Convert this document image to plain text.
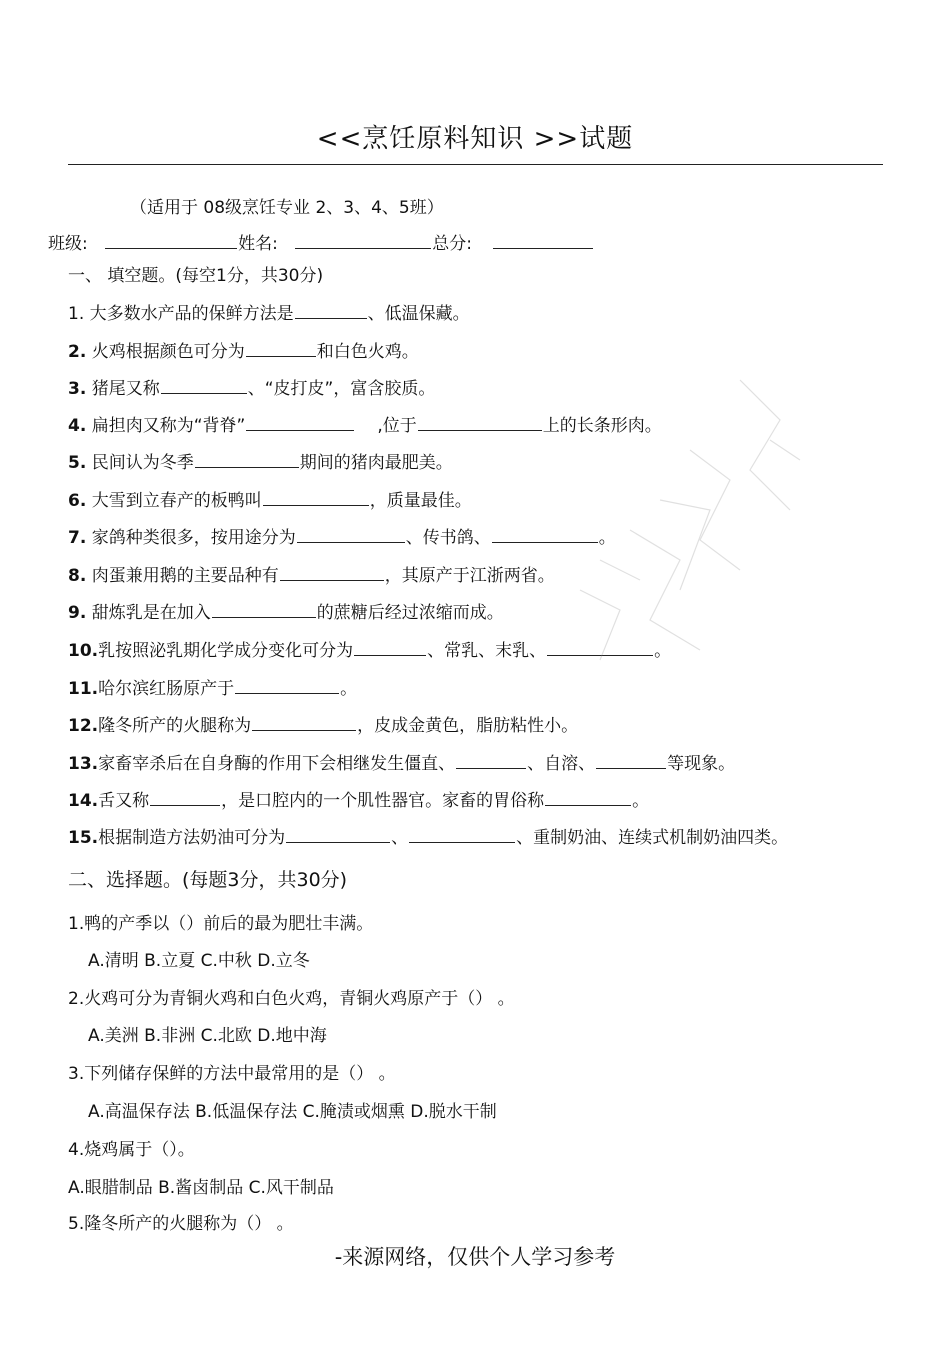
<<烹饪原料知识 >>试题
（适用于 08级烹饪专业 2、3、4、5班）
班级:	姓名:	总分:
一、 填空题。(每空1分，共30分)
1. 大多数水产品的保鲜方法是	、低温保藏。
2. 火鸡根据颜色可分为	和白色火鸡。
3. 猪尾又称	、“皮打皮”，富含胶质。
4. 扁担肉又称为“背脊”	,位于	上的长条形肉。
5. 民间认为冬季	期间的猪肉最肥美。
6. 大雪到立春产的板鸭叫	，质量最佳。
7. 家鸽种类很多，按用途分为	、传书鸽、	。
8. 肉蛋兼用鹅的主要品种有	，其原产于江浙两省。
9. 甜炼乳是在加入	的蔗糖后经过浓缩而成。
10.乳按照泌乳期化学成分变化可分为	、常乳、末乳、	。
11.哈尔滨红肠原产于	。
12.隆冬所产的火腿称为	，皮成金黄色，脂肪粘性小。
13.家畜宰杀后在自身酶的作用下会相继发生僵直、	、自溶、	等现象。
14.舌又称	，是口腔内的一个肌性器官。家畜的胃俗称	。
15.根据制造方法奶油可分为	、	、重制奶油、连续式机制奶油四类。
二、选择题。(每题3分，共30分)
1.鸭的产季以（）前后的最为肥壮丰满。
A.清明 B.立夏 C.中秋 D.立冬
2.火鸡可分为青铜火鸡和白色火鸡，青铜火鸡原产于（） 。
A.美洲 B.非洲 C.北欧 D.地中海
3.下列储存保鲜的方法中最常用的是（） 。
A.高温保存法 B.低温保存法 C.腌渍或烟熏 D.脱水干制
4.烧鸡属于（）。
A.眼腊制品 B.酱卤制品 C.风干制品
5.隆冬所产的火腿称为（） 。
-来源网络，仅供个人学习参考
